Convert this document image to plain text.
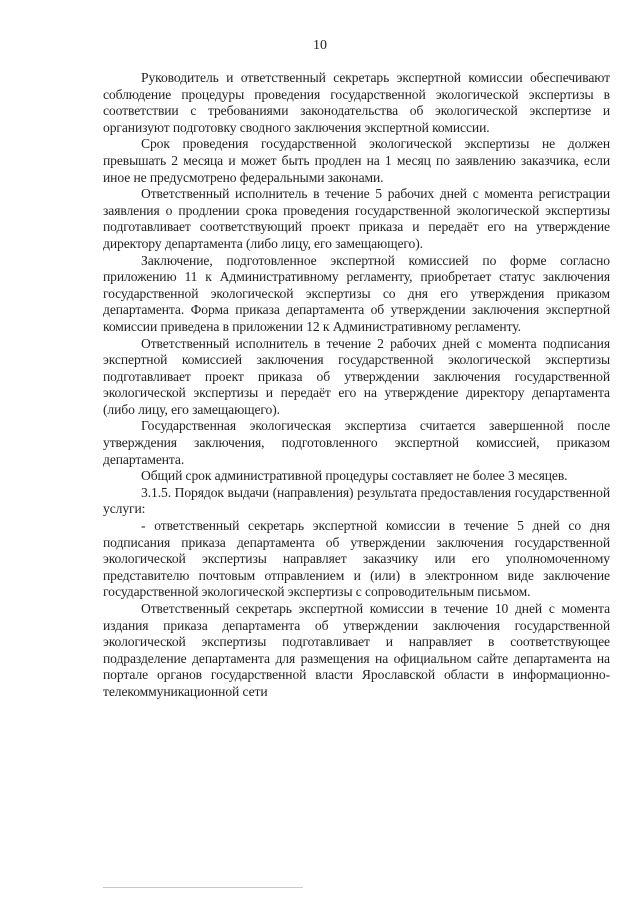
10

Руководитель и ответственный секретарь экспертной комиссии обеспечивают соблюдение процедуры проведения государственной экологической экспертизы в соответствии с требованиями законодательства об экологической экспертизе и организуют подготовку сводного заключения экспертной комиссии.

Срок проведения государственной экологической экспертизы не должен превышать 2 месяца и может быть продлен на 1 месяц по заявлению заказчика, если иное не предусмотрено федеральными законами.

Ответственный исполнитель в течение 5 рабочих дней с момента регистрации заявления о продлении срока проведения государственной экологической экспертизы подготавливает соответствующий проект приказа и передаёт его на утверждение директору департамента (либо лицу, его замещающего).

Заключение, подготовленное экспертной комиссией по форме согласно приложению 11 к Административному регламенту, приобретает статус заключения государственной экологической экспертизы со дня его утверждения приказом департамента. Форма приказа департамента об утверждении заключения экспертной комиссии приведена в приложении 12 к Административному регламенту.

Ответственный исполнитель в течение 2 рабочих дней с момента подписания экспертной комиссией заключения государственной экологической экспертизы подготавливает проект приказа об утверждении заключения государственной экологической экспертизы и передаёт его на утверждение директору департамента (либо лицу, его замещающего).

Государственная экологическая экспертиза считается завершенной после утверждения заключения, подготовленного экспертной комиссией, приказом департамента.

Общий срок административной процедуры составляет не более 3 месяцев.

3.1.5. Порядок выдачи (направления) результата предоставления государственной услуги:

- ответственный секретарь экспертной комиссии в течение 5 дней со дня подписания приказа департамента об утверждении заключения государственной экологической экспертизы направляет заказчику или его уполномоченному представителю почтовым отправлением и (или) в электронном виде заключение государственной экологической экспертизы с сопроводительным письмом.

Ответственный секретарь экспертной комиссии в течение 10 дней с момента издания приказа департамента об утверждении заключения государственной экологической экспертизы подготавливает и направляет в соответствующее подразделение департамента для размещения на официальном сайте департамента на портале органов государственной власти Ярославской области в информационно-телекоммуникационной сети
